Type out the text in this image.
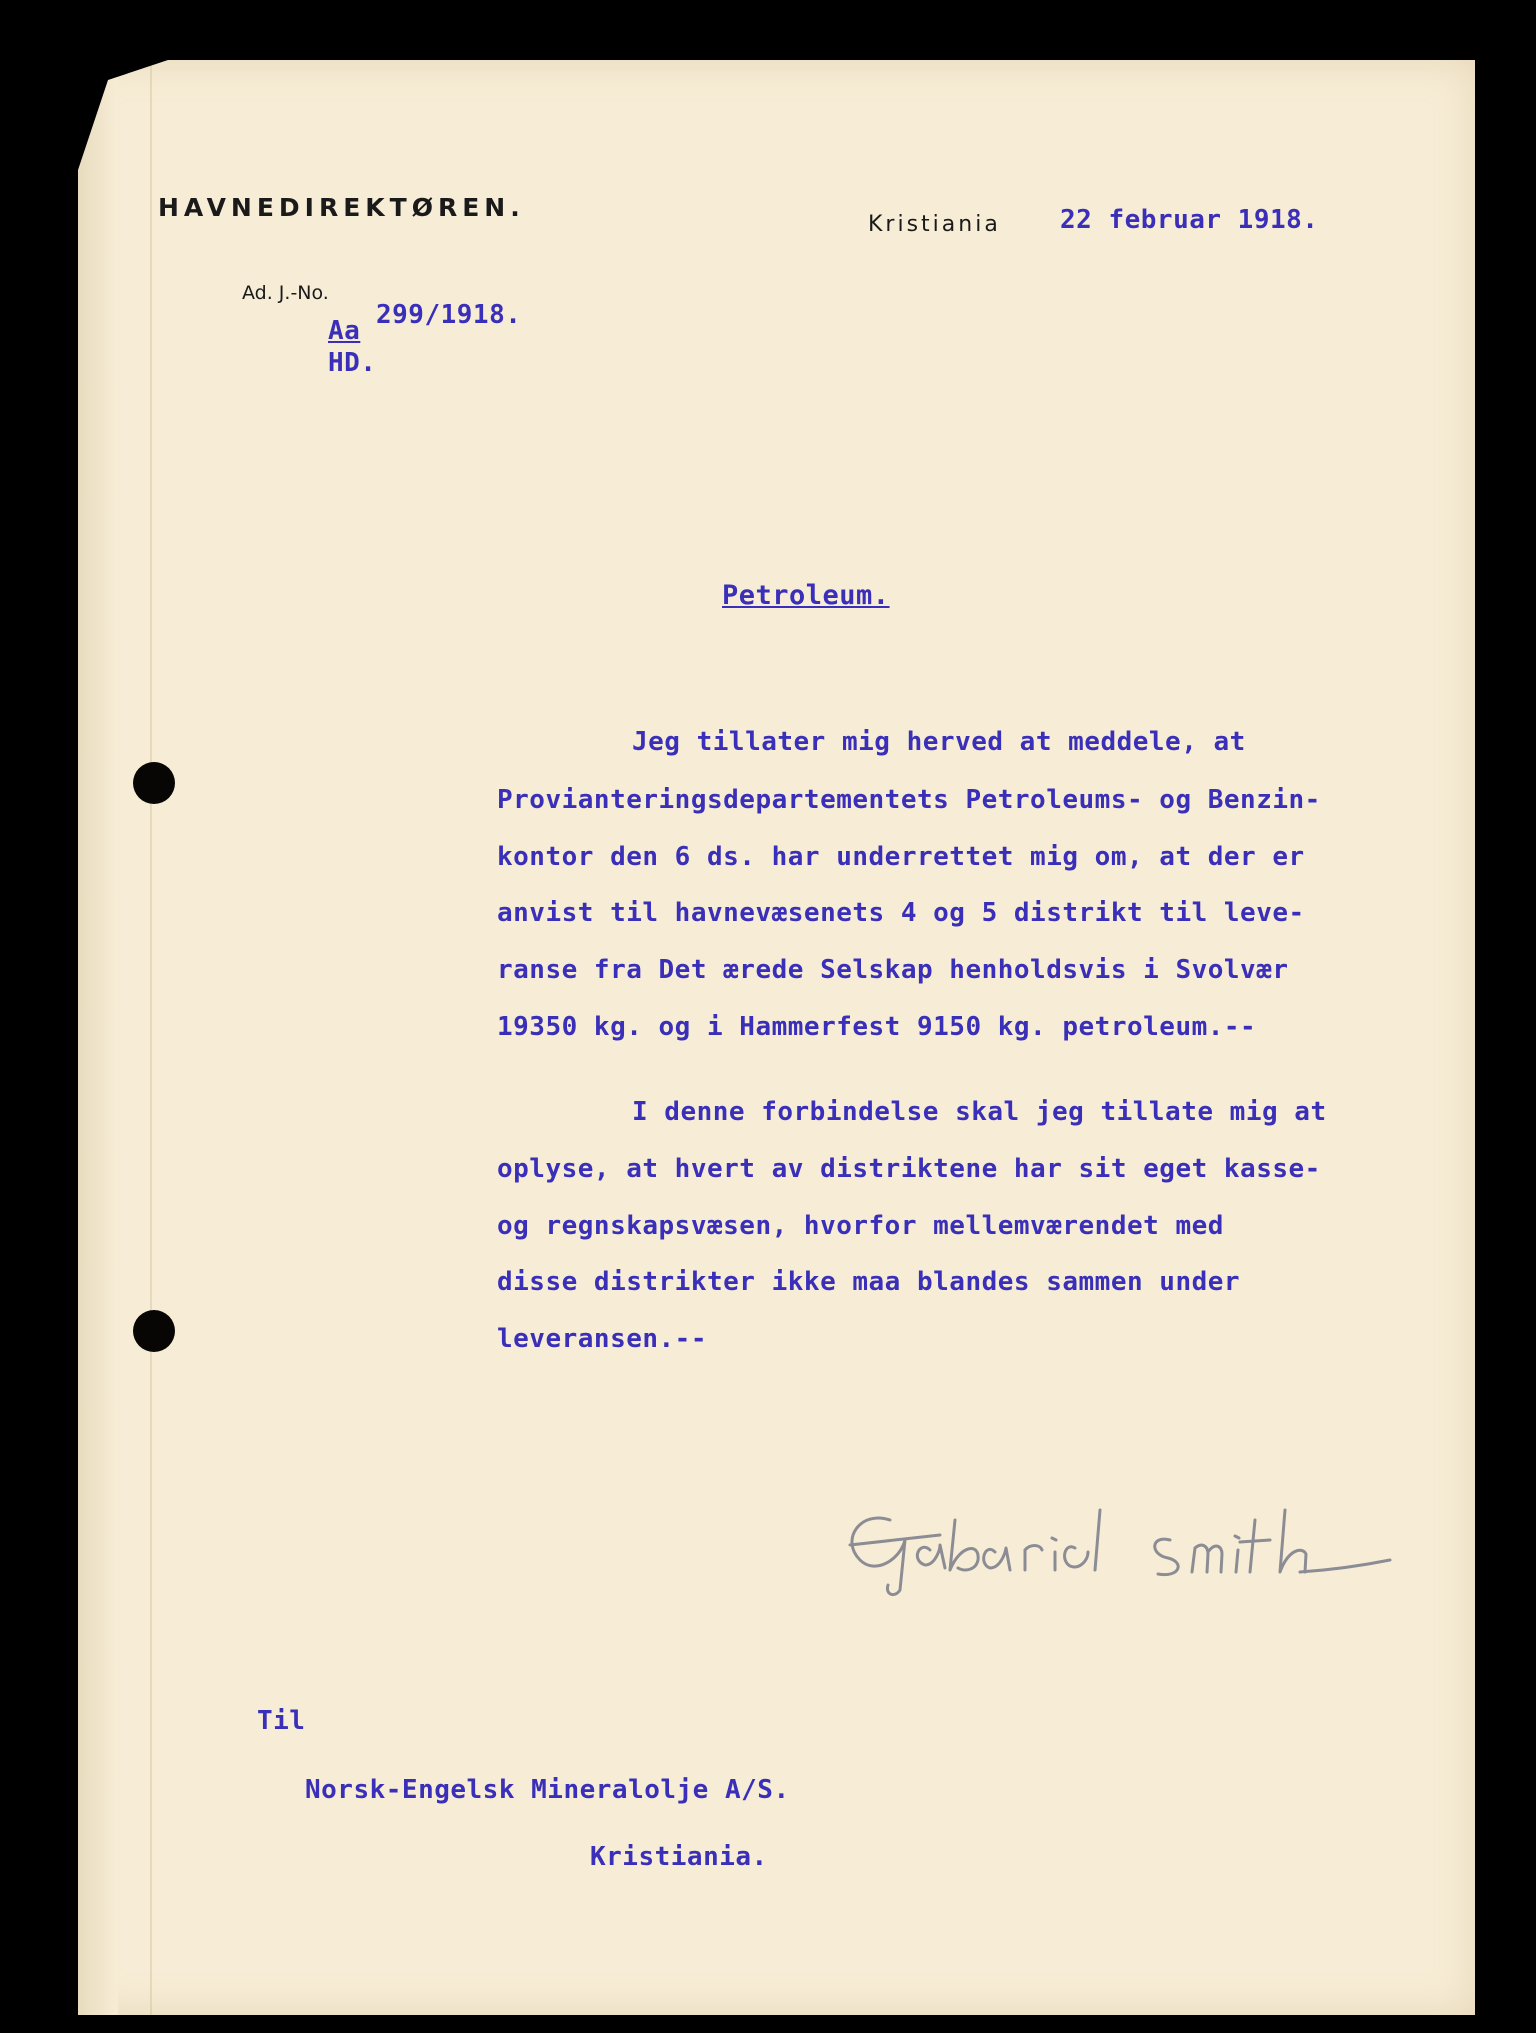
HAVNEDIREKTØREN.
Kristiania 22 februar 1918.
Ad. J.-No.
299/1918.
Aa
HD.
Petroleum.
Jeg tillater mig herved at meddele, at
Provianteringsdepartementets Petroleums- og Benzin-
kontor den 6 ds. har underrettet mig om, at der er
anvist til havnevæsenets 4 og 5 distrikt til leve-
ranse fra Det ærede Selskap henholdsvis i Svolvær
19350 kg. og i Hammerfest 9150 kg. petroleum.--
I denne forbindelse skal jeg tillate mig at
oplyse, at hvert av distriktene har sit eget kasse-
og regnskapsvæsen, hvorfor mellemværendet med
disse distrikter ikke maa blandes sammen under
leveransen.--
Til
Norsk-Engelsk Mineralolje A/S.
Kristiania.
